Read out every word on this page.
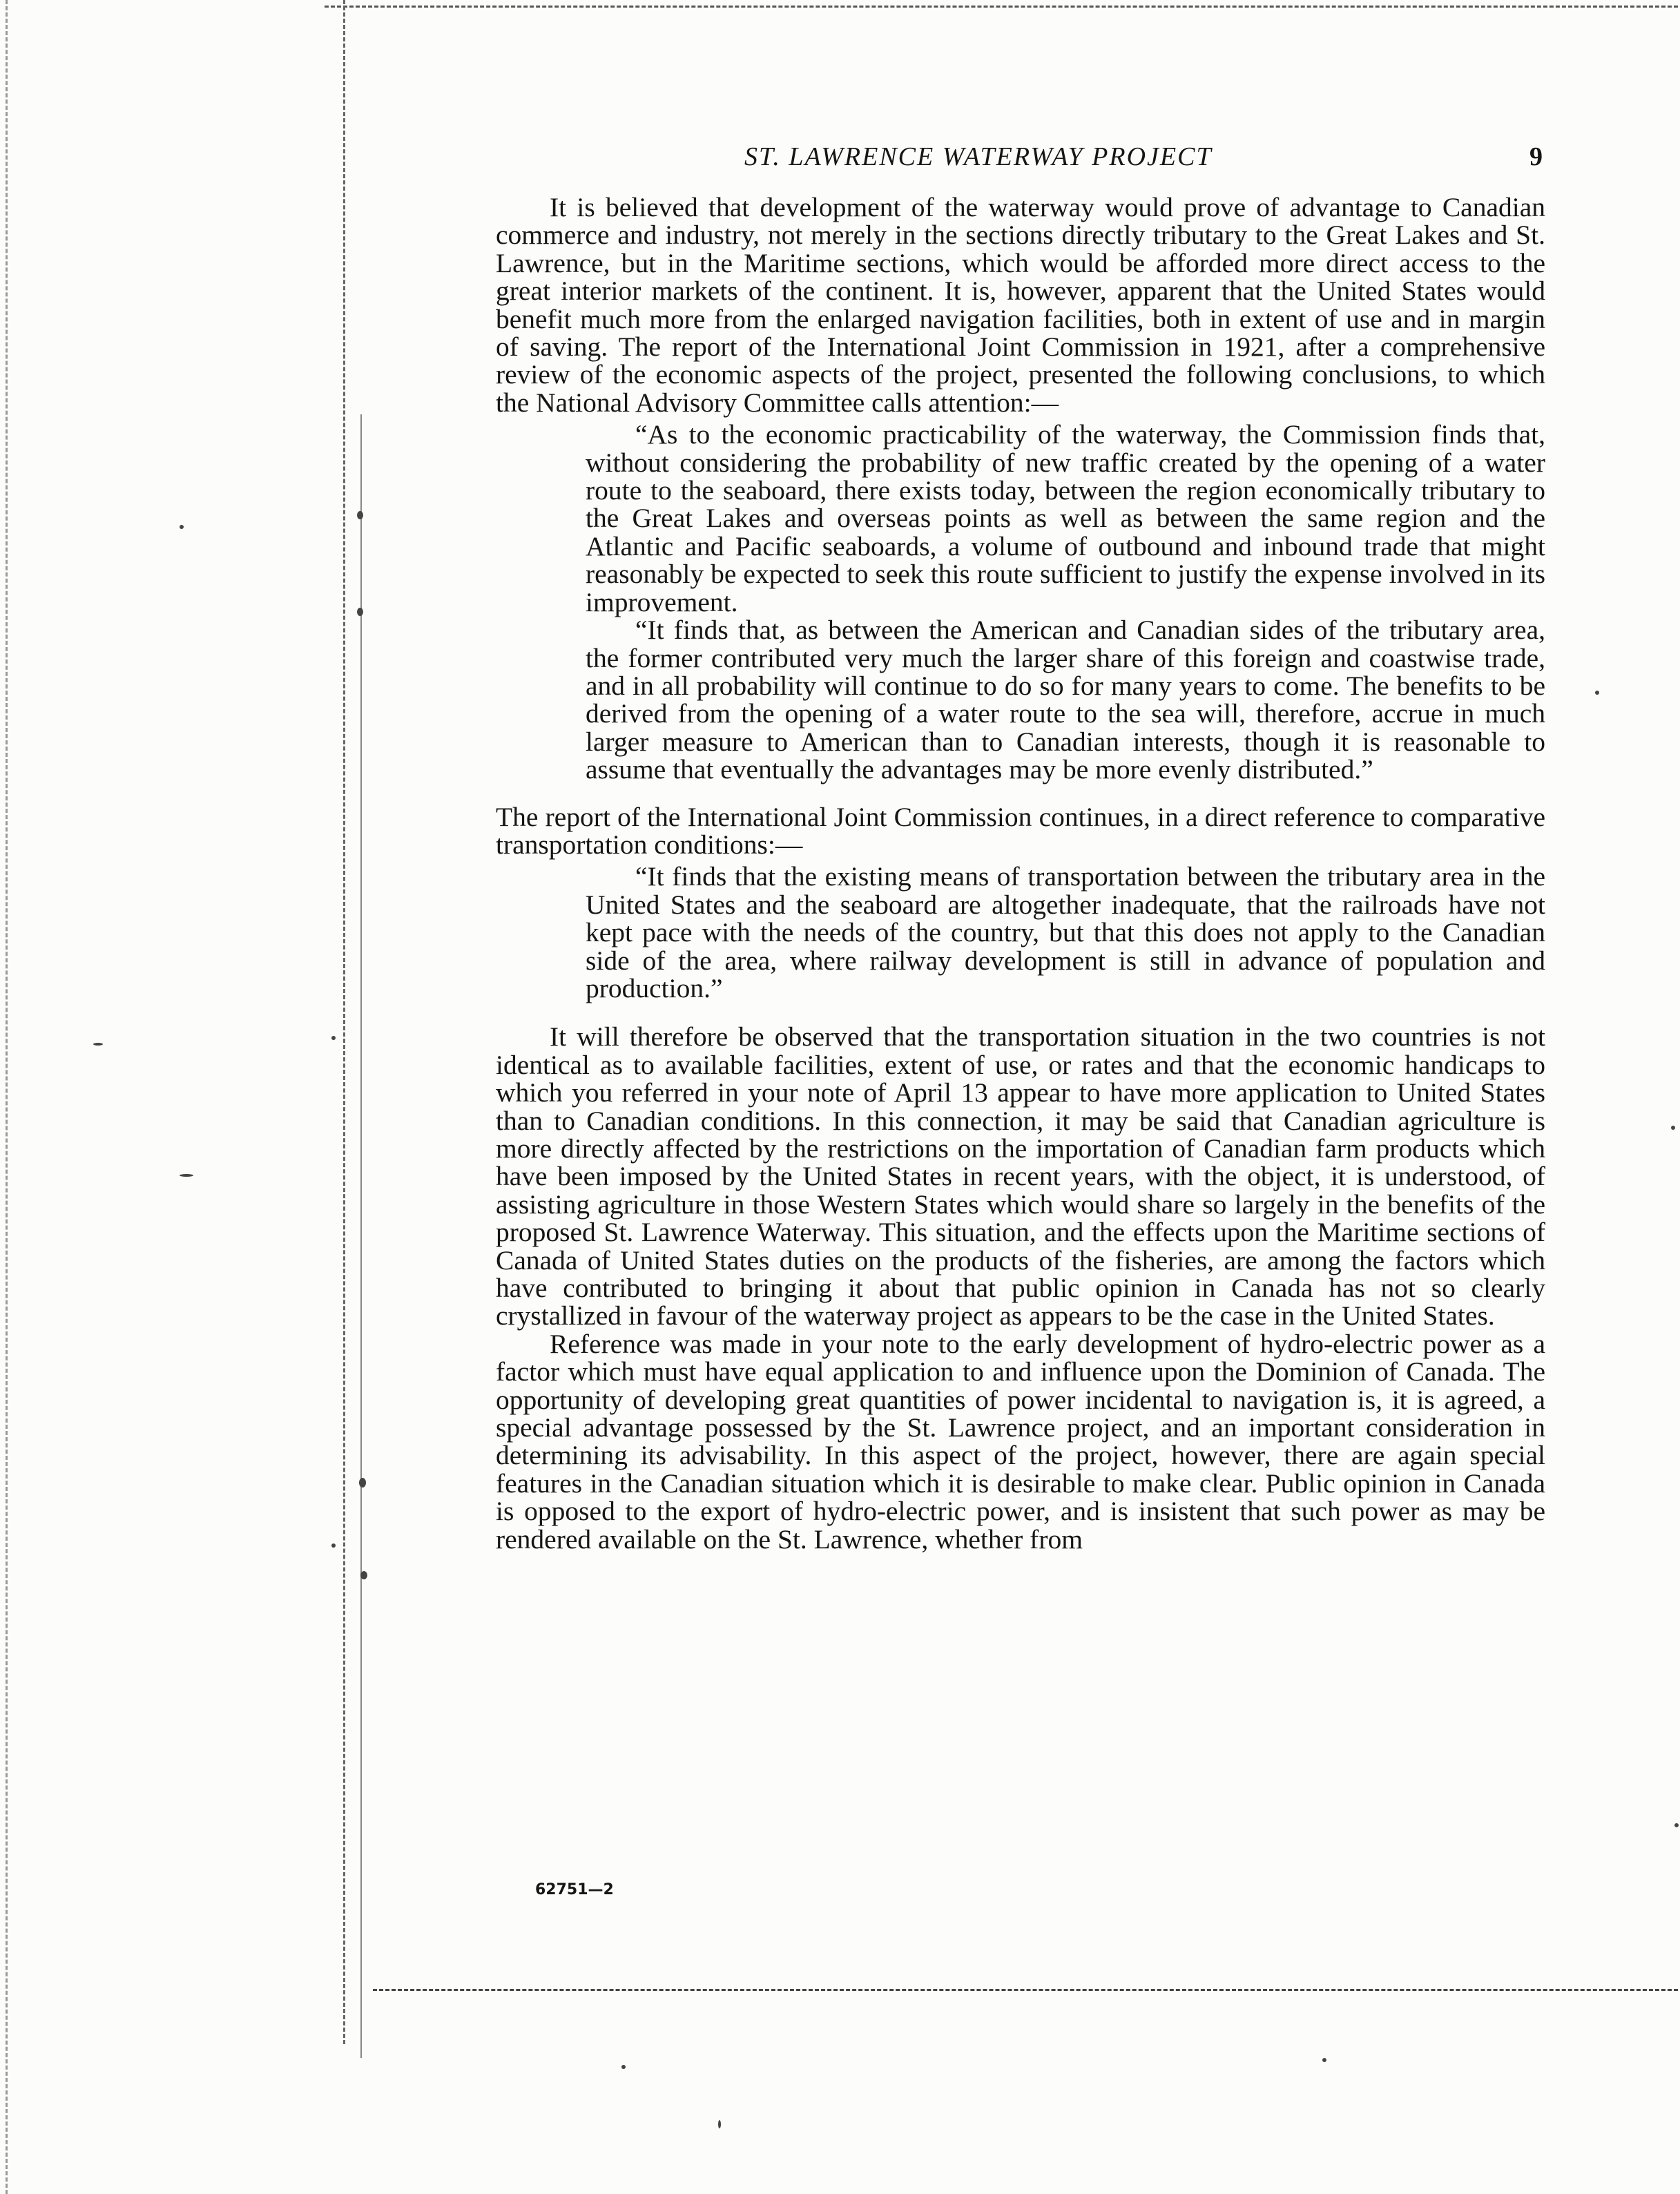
ST. LAWRENCE WATERWAY PROJECT	9

It is believed that development of the waterway would prove of advantage to Canadian commerce and industry, not merely in the sections directly tributary to the Great Lakes and St. Lawrence, but in the Maritime sections, which would be afforded more direct access to the great interior markets of the continent. It is, however, apparent that the United States would benefit much more from the enlarged navigation facilities, both in extent of use and in margin of saving. The report of the International Joint Commission in 1921, after a comprehensive review of the economic aspects of the project, presented the following conclusions, to which the National Advisory Committee calls attention:—

“As to the economic practicability of the waterway, the Commission finds that, without considering the probability of new traffic created by the opening of a water route to the seaboard, there exists today, between the region economically tributary to the Great Lakes and overseas points as well as between the same region and the Atlantic and Pacific seaboards, a volume of outbound and inbound trade that might reasonably be expected to seek this route sufficient to justify the expense involved in its improvement.

“It finds that, as between the American and Canadian sides of the tributary area, the former contributed very much the larger share of this foreign and coastwise trade, and in all probability will continue to do so for many years to come. The benefits to be derived from the opening of a water route to the sea will, therefore, accrue in much larger measure to American than to Canadian interests, though it is reasonable to assume that eventually the advantages may be more evenly distributed.”

The report of the International Joint Commission continues, in a direct reference to comparative transportation conditions:—

“It finds that the existing means of transportation between the tributary area in the United States and the seaboard are altogether inadequate, that the railroads have not kept pace with the needs of the country, but that this does not apply to the Canadian side of the area, where railway development is still in advance of population and production.”

It will therefore be observed that the transportation situation in the two countries is not identical as to available facilities, extent of use, or rates and that the economic handicaps to which you referred in your note of April 13 appear to have more application to United States than to Canadian conditions. In this connection, it may be said that Canadian agriculture is more directly affected by the restrictions on the importation of Canadian farm products which have been imposed by the United States in recent years, with the object, it is understood, of assisting agriculture in those Western States which would share so largely in the benefits of the proposed St. Lawrence Waterway. This situation, and the effects upon the Maritime sections of Canada of United States duties on the products of the fisheries, are among the factors which have contributed to bringing it about that public opinion in Canada has not so clearly crystallized in favour of the waterway project as appears to be the case in the United States.

Reference was made in your note to the early development of hydro-electric power as a factor which must have equal application to and influence upon the Dominion of Canada. The opportunity of developing great quantities of power incidental to navigation is, it is agreed, a special advantage possessed by the St. Lawrence project, and an important consideration in determining its advisability. In this aspect of the project, however, there are again special features in the Canadian situation which it is desirable to make clear. Public opinion in Canada is opposed to the export of hydro-electric power, and is insistent that such power as may be rendered available on the St. Lawrence, whether from

62751—2
